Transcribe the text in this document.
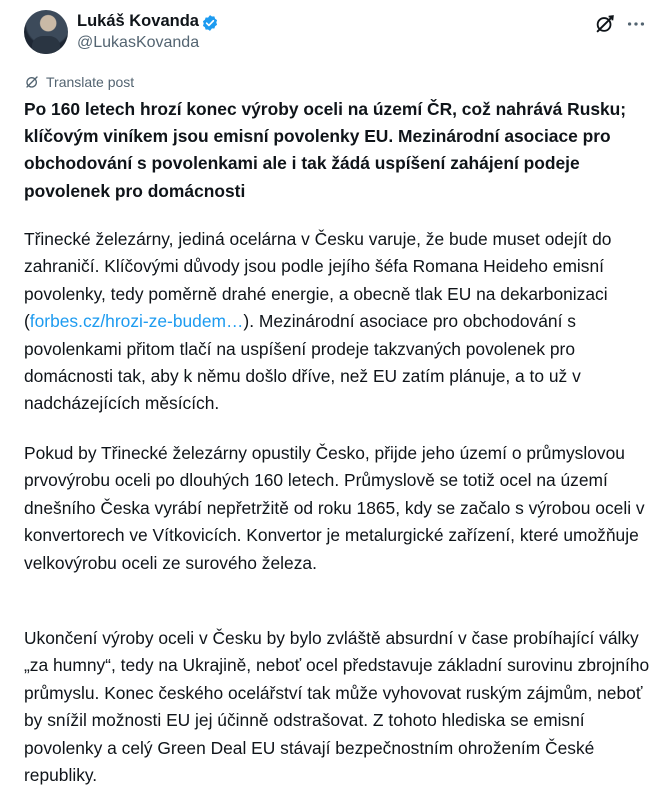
Lukáš Kovanda
@LukasKovanda
Translate post
Po 160 letech hrozí konec výroby oceli na území ČR, což nahrává Rusku; klíčovým viníkem jsou emisní povolenky EU. Mezinárodní asociace pro obchodování s povolenkami ale i tak žádá uspíšení zahájení podeje povolenek pro domácnosti
Třinecké železárny, jediná ocelárna v Česku varuje, že bude muset odejít do zahraničí. Klíčovými důvody jsou podle jejího šéfa Romana Heideho emisní povolenky, tedy poměrně drahé energie, a obecně tlak EU na dekarbonizaci (forbes.cz/hrozi-ze-budem…). Mezinárodní asociace pro obchodování s povolenkami přitom tlačí na uspíšení prodeje takzvaných povolenek pro domácnosti tak, aby k němu došlo dříve, než EU zatím plánuje, a to už v nadcházejících měsících.
Pokud by Třinecké železárny opustily Česko, přijde jeho území o průmyslovou prvovýrobu oceli po dlouhých 160 letech. Průmyslově se totiž ocel na území dnešního Česka vyrábí nepřetržitě od roku 1865, kdy se začalo s výrobou oceli v konvertorech ve Vítkovicích. Konvertor je metalurgické zařízení, které umožňuje velkovýrobu oceli ze surového železa.
Ukončení výroby oceli v Česku by bylo zvláště absurdní v čase probíhající války „za humny“, tedy na Ukrajině, neboť ocel představuje základní surovinu zbrojního průmyslu. Konec českého ocelářství tak může vyhovovat ruským zájmům, neboť by snížil možnosti EU jej účinně odstrašovat. Z tohoto hlediska se emisní povolenky a celý Green Deal EU stávají bezpečnostním ohrožením České republiky.
